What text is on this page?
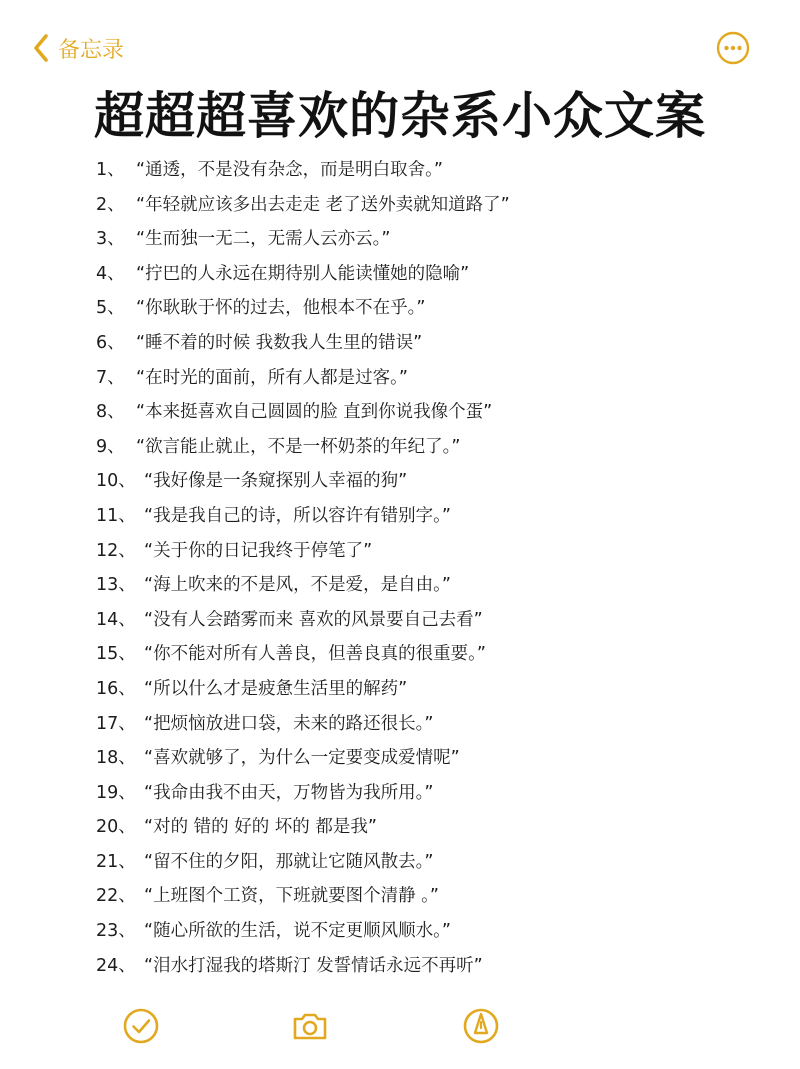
备忘录
超超超喜欢的杂系小众文案
1、 “通透，不是没有杂念，而是明白取舍。”
2、 “年轻就应该多出去走走 老了送外卖就知道路了”
3、 “生而独一无二，无需人云亦云。”
4、 “拧巴的人永远在期待别人能读懂她的隐喻”
5、 “你耿耿于怀的过去，他根本不在乎。”
6、 “睡不着的时候 我数我人生里的错误”
7、 “在时光的面前，所有人都是过客。”
8、 “本来挺喜欢自己圆圆的脸 直到你说我像个蛋”
9、 “欲言能止就止，不是一杯奶茶的年纪了。”
10、 “我好像是一条窥探别人幸福的狗”
11、 “我是我自己的诗，所以容许有错别字。”
12、 “关于你的日记我终于停笔了”
13、 “海上吹来的不是风，不是爱，是自由。”
14、 “没有人会踏雾而来 喜欢的风景要自己去看”
15、 “你不能对所有人善良，但善良真的很重要。”
16、 “所以什么才是疲惫生活里的解药”
17、 “把烦恼放进口袋，未来的路还很长。”
18、 “喜欢就够了，为什么一定要变成爱情呢”
19、 “我命由我不由天，万物皆为我所用。”
20、 “对的 错的 好的 坏的 都是我”
21、 “留不住的夕阳，那就让它随风散去。”
22、 “上班图个工资，下班就要图个清静 。”
23、 “随心所欲的生活，说不定更顺风顺水。”
24、 “泪水打湿我的塔斯汀 发誓情话永远不再听”
